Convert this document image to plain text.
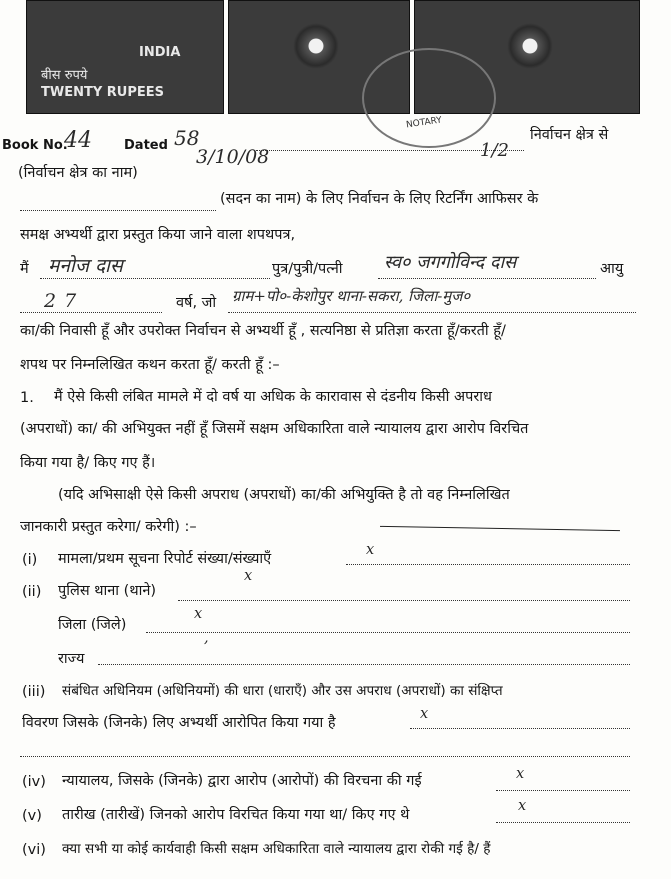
INDIA
बीस रुपये
TWENTY RUPEES
NOTARY
Book No.
44 Dated 58
3/10/08	1/2
निर्वाचन क्षेत्र से
(निर्वाचन क्षेत्र का नाम)
(सदन का नाम) के लिए निर्वाचन के लिए रिटर्निंग आफिसर के
समक्ष अभ्यर्थी द्वारा प्रस्तुत किया जाने वाला शपथपत्र,
मैं मनोज दास	पुत्र/पुत्री/पत्नी स्व० जगगोविन्द दास	आयु
27	वर्ष, जो ग्राम+पो०-केशोपुर थाना-सकरा, जिला-मुज०
का/की निवासी हूँ और उपरोक्त निर्वाचन से अभ्यर्थी हूँ , सत्यनिष्ठा से प्रतिज्ञा करता हूँ/करती हूँ/
शपथ पर निम्नलिखित कथन करता हूँ/ करती हूँ :–
1. मैं ऐसे किसी लंबित मामले में दो वर्ष या अधिक के कारावास से दंडनीय किसी अपराध
(अपराधों) का/ की अभियुक्त नहीं हूँ जिसमें सक्षम अधिकारिता वाले न्यायालय द्वारा आरोप विरचित
किया गया है/ किए गए हैं।
(यदि अभिसाक्षी ऐसे किसी अपराध (अपराधों) का/की अभियुक्ति है तो वह निम्नलिखित
जानकारी प्रस्तुत करेगा/ करेगी) :–
(i) मामला/प्रथम सूचना रिपोर्ट संख्या/संख्याएँ
x
(ii) पुलिस थाना (थाने)
x
जिला (जिले)
x
राज्य
,
(iii) संबंधित अधिनियम (अधिनियमों) की धारा (धाराएँ) और उस अपराध (अपराधों) का संक्षिप्त
विवरण जिसके (जिनके) लिए अभ्यर्थी आरोपित किया गया है
x
(iv) न्यायालय, जिसके (जिनके) द्वारा आरोप (आरोपों) की विरचना की गई	x
(v) तारीख (तारीखें) जिनको आरोप विरचित किया गया था/ किए गए थे
x
(vi) क्या सभी या कोई कार्यवाही किसी सक्षम अधिकारिता वाले न्यायालय द्वारा रोकी गई है/ हैं
